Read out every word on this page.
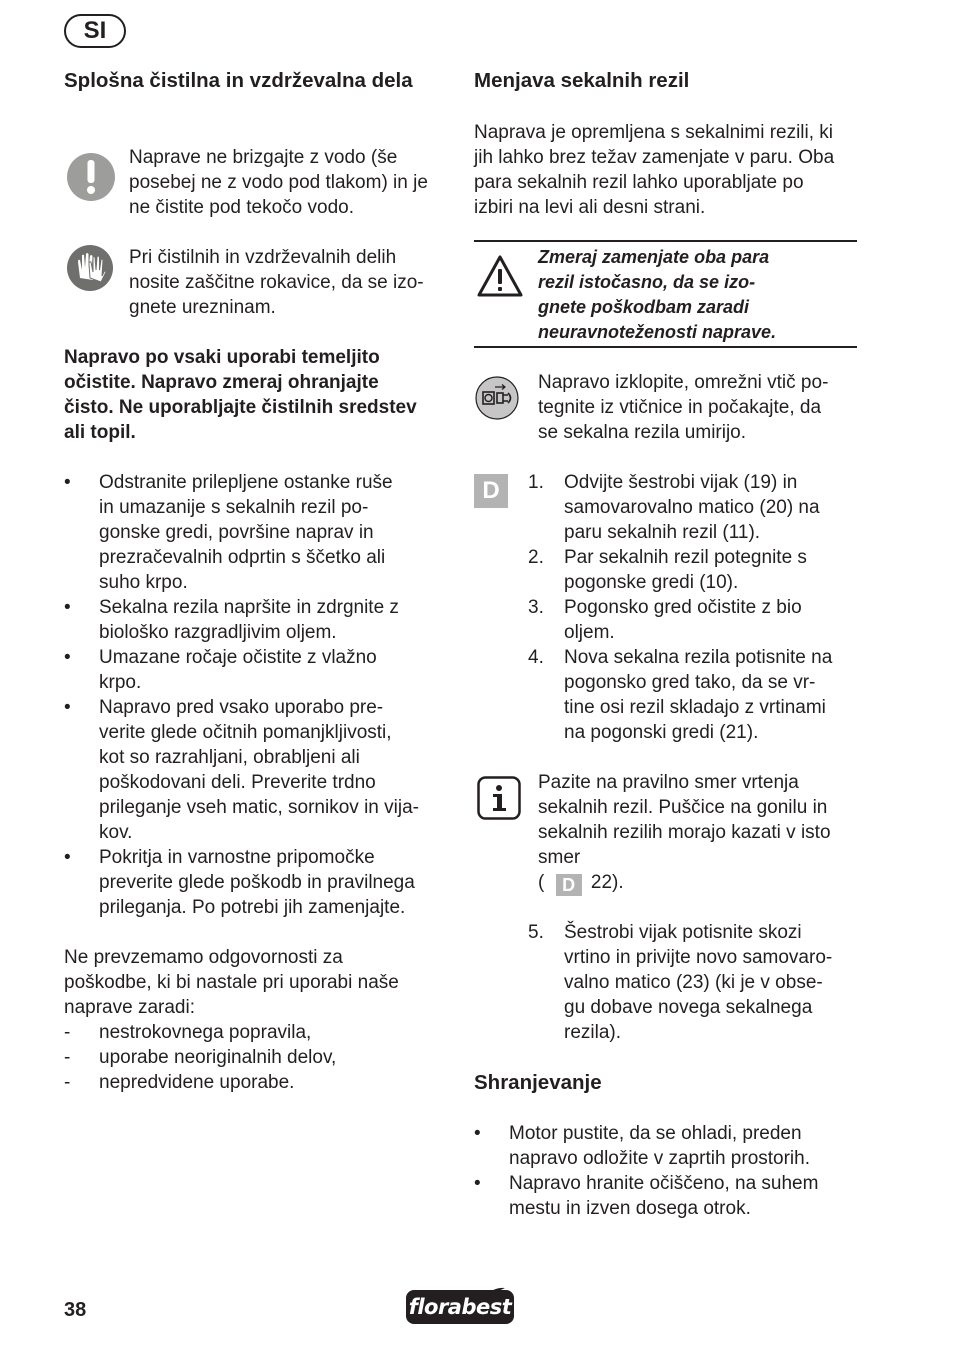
SI
Splošna čistilna in vzdrževalna dela

Naprave ne brizgajte z vodo (še posebej ne z vodo pod tlakom) in je ne čistite pod tekočo vodo.

Pri čistilnih in vzdrževalnih delih
nosite zaščitne rokavice, da se izo-
gnete urezninam.

Napravo po vsaki uporabi temeljito
očistite. Napravo zmeraj ohranjajte
čisto. Ne uporabljajte čistilnih sredstev
ali topil.

• Odstranite prilepljene ostanke ruše
in umazanije s sekalnih rezil po-
gonske gredi, površine naprav in
prezračevalnih odprtin s ščetko ali
suho krpo.
• Sekalna rezila napršite in zdrgnite z
biološko razgradljivim oljem.
• Umazane ročaje očistite z vlažno
krpo.
• Napravo pred vsako uporabo pre-
verite glede očitnih pomanjkljivosti,
kot so razrahljani, obrabljeni ali
poškodovani deli. Preverite trdno
prileganje vseh matic, sornikov in vija-
kov.
• Pokritja in varnostne pripomočke
preverite glede poškodb in pravilnega
prileganja. Po potrebi jih zamenjajte.

Ne prevzemamo odgovornosti za
poškodbe, ki bi nastale pri uporabi naše
naprave zaradi:

- nestrokovnega popravila,
- uporabe neoriginalnih delov,
- nepredvidene uporabe.
Menjava sekalnih rezil

Naprava je opremljena s sekalnimi rezili, ki
jih lahko brez težav zamenjate v paru. Oba
para sekalnih rezil lahko uporabljate po
izbiri na levi ali desni strani.

Zmeraj zamenjate oba para
rezil istočasno, da se izo-
gnete poškodbam zaradi
neuravnoteženosti naprave.

Napravo izklopite, omrežni vtič po-
tegnite iz vtičnice in počakajte, da
se sekalna rezila umirijo.

D	1. Odvijte šestrobi vijak (19) in
samovarovalno matico (20) na
paru sekalnih rezil (11).
2. Par sekalnih rezil potegnite s
pogonske gredi (10).
3. Pogonsko gred očistite z bio
oljem.
4. Nova sekalna rezila potisnite na
pogonsko gred tako, da se vr-
tine osi rezil skladajo z vrtinami
na pogonski gredi (21).

Pazite na pravilno smer vrtenja
sekalnih rezil. Puščice na gonilu in
sekalnih rezilih morajo kazati v isto
smer
( D 22).

5. Šestrobi vijak potisnite skozi
vrtino in privijte novo samovaro-
valno matico (23) (ki je v obse-
gu dobave novega sekalnega
rezila).
Shranjevanje
• Motor pustite, da se ohladi, preden
napravo odložite v zaprtih prostorih.
• Napravo hranite očiščeno, na suhem
mestu in izven dosega otrok.
38	florabest
